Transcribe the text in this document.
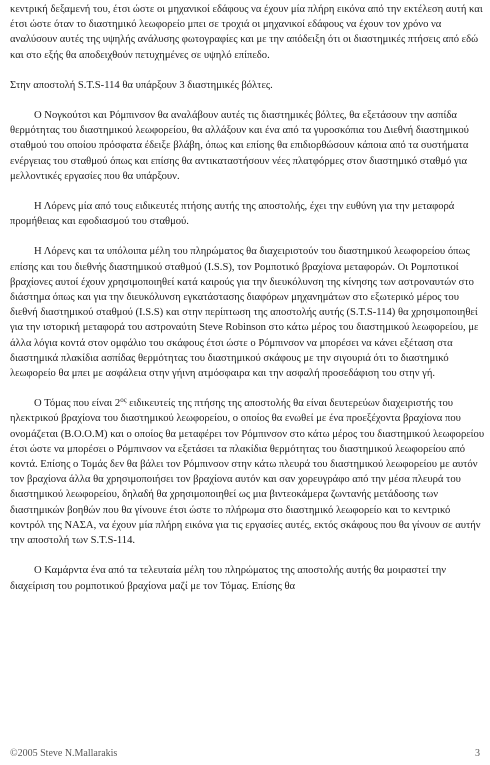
κεντρική δεξαμενή του, έτσι ώστε οι μηχανικοί εδάφους να έχουν μία πλήρη εικόνα από την εκτέλεση αυτή και έτσι ώστε όταν το διαστημικό λεωφορείο μπει σε τροχιά οι μηχανικοί εδάφους να έχουν τον χρόνο να αναλύσουν αυτές της υψηλής ανάλυσης φωτογραφίες και με την απόδειξη ότι οι διαστημικές πτήσεις από εδώ και στο εξής θα αποδειχθούν πετυχημένες σε υψηλό επίπεδο.

Στην αποστολή S.T.S-114 θα υπάρξουν 3 διαστημικές βόλτες.

Ο Νογκούτσι και Ρόμπινσον θα αναλάβουν αυτές τις διαστημικές βόλτες, θα εξετάσουν την ασπίδα θερμότητας του διαστημικού λεωφορείου, θα αλλάξουν και ένα από τα γυροσκόπια του Διεθνή διαστημικού σταθμού του οποίου πρόσφατα έδειξε βλάβη, όπως και επίσης θα επιδιορθώσουν κάποια από τα συστήματα ενέργειας του σταθμού όπως και επίσης θα αντικαταστήσουν νέες πλατφόρμες στον διαστημικό σταθμό για μελλοντικές εργασίες που θα υπάρξουν.

Η Λόρενς μία από τους ειδικευτές πτήσης αυτής της αποστολής, έχει την ευθύνη για την μεταφορά προμήθειας και εφοδιασμού του σταθμού.

Η Λόρενς και τα υπόλοιπα μέλη του πληρώματος θα διαχειριστούν του διαστημικού λεωφορείου όπως επίσης και του διεθνής διαστημικού σταθμού (I.S.S), τον Ρομποτικό βραχίονα μεταφορών. Οι Ρομποτικοί βραχίονες αυτοί έχουν χρησιμοποιηθεί κατά καιρούς για την διευκόλυνση της κίνησης των αστροναυτών στο διάστημα όπως και για την διευκόλυνση εγκατάστασης διαφόρων μηχανημάτων στο εξωτερικό μέρος του διεθνή διαστημικού σταθμού (I.S.S) και στην περίπτωση της αποστολής αυτής (S.T.S-114) θα χρησιμοποιηθεί για την ιστορική μεταφορά του αστροναύτη Steve Robinson στο κάτω μέρος του διαστημικού λεωφορείου, με άλλα λόγια κοντά στον ομφάλιο του σκάφους έτσι ώστε ο Ρόμπινσον να μπορέσει να κάνει εξέταση στα διαστημικά πλακίδια ασπίδας θερμότητας του διαστημικού σκάφους με την σιγουριά ότι το διαστημικό λεωφορείο θα μπει με ασφάλεια στην γήινη ατμόσφαιρα και την ασφαλή προσεδάφιση του στην γή.

Ο Τόμας που είναι $2^{o\varsigma}$ ειδικευτείς της πτήσης της αποστολής θα είναι δευτερεύων διαχειριστής του ηλεκτρικού βραχίονα του διαστημικού λεωφορείου, ο οποίος θα ενωθεί με ένα προεξέχοντα βραχίονα που ονομάζεται (B.O.O.M) και ο οποίος θα μεταφέρει τον Ρόμπινσον στο κάτω μέρος του διαστημικού λεωφορείου έτσι ώστε να μπορέσει ο Ρόμπινσον να εξετάσει τα πλακίδια θερμότητας του διαστημικού λεωφορείου από κοντά. Επίσης ο Τομάς δεν θα βάλει τον Ρόμπινσον στην κάτω πλευρά του διαστημικού λεωφορείου με αυτόν τον βραχίονα άλλα θα χρησιμοποιήσει τον βραχίονα αυτόν και σαν χορευγράφο από την μέσα πλευρά του διαστημικού λεωφορείου, δηλαδή θα χρησιμοποιηθεί ως μια βιντεοκάμερα ζωντανής μετάδοσης των διαστημικών βοηθών που θα γίνουνε έτσι ώστε το πλήρωμα στο διαστημικό λεωφορείο και το κεντρικό κοντρόλ της ΝΑΣΑ, να έχουν μία πλήρη εικόνα για τις εργασίες αυτές, εκτός σκάφους που θα γίνουν σε αυτήν την αποστολή των S.T.S-114.

Ο Καμάρντα ένα από τα τελευταία μέλη του πληρώματος της αποστολής αυτής θα μοιραστεί την διαχείριση του ρομποτικού βραχίονα μαζί με τον Τόμας. Επίσης θα

©2005 Steve N.Mallarakis	3
